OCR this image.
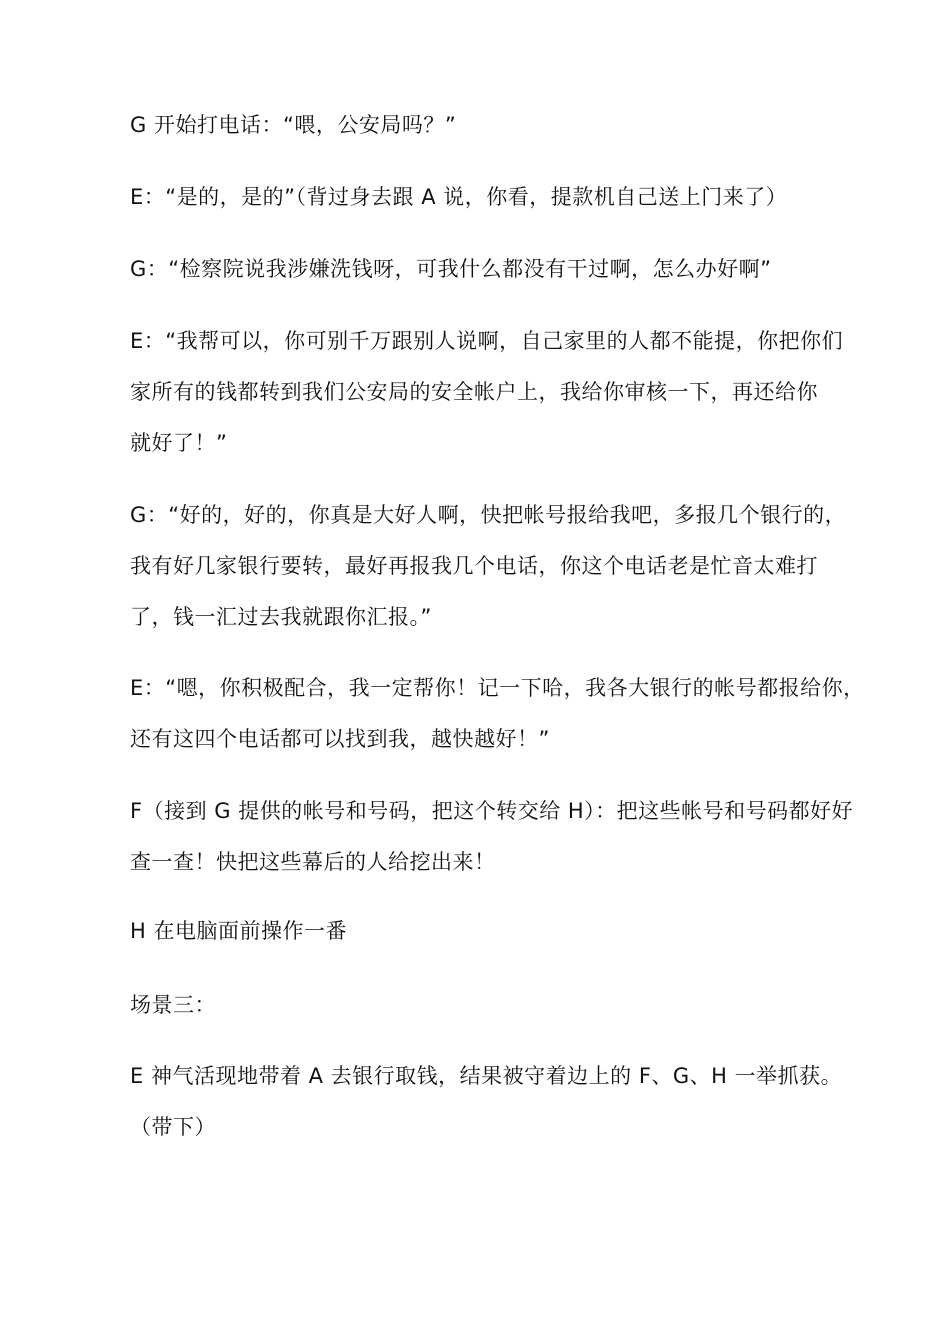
G 开始打电话：“喂，公安局吗？”
E：“是的，是的”（背过身去跟 A 说，你看，提款机自己送上门来了）
G：“检察院说我涉嫌洗钱呀，可我什么都没有干过啊，怎么办好啊”
E：“我帮可以，你可别千万跟别人说啊，自己家里的人都不能提，你把你们
家所有的钱都转到我们公安局的安全帐户上，我给你审核一下，再还给你
就好了！”
G：“好的，好的，你真是大好人啊，快把帐号报给我吧，多报几个银行的，
我有好几家银行要转，最好再报我几个电话，你这个电话老是忙音太难打
了，钱一汇过去我就跟你汇报。”
E：“嗯，你积极配合，我一定帮你！记一下哈，我各大银行的帐号都报给你，
还有这四个电话都可以找到我，越快越好！”
F（接到 G 提供的帐号和号码，把这个转交给 H）：把这些帐号和号码都好好
查一查！快把这些幕后的人给挖出来！
H 在电脑面前操作一番
场景三：
E 神气活现地带着 A 去银行取钱，结果被守着边上的 F、G、H 一举抓获。
（带下）
